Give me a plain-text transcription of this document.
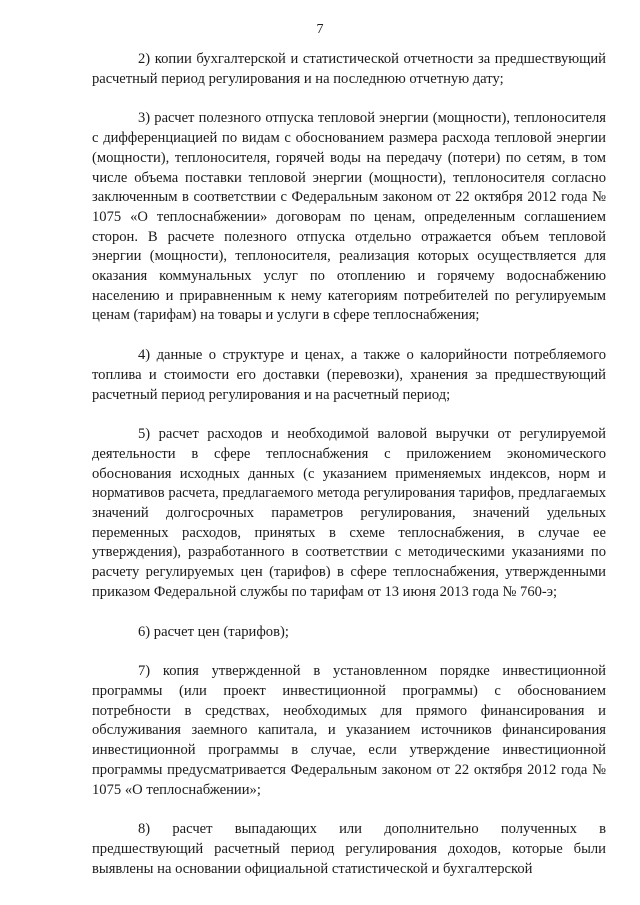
7

2) копии бухгалтерской и статистической отчетности за предшествующий расчетный период регулирования и на последнюю отчетную дату;

3) расчет полезного отпуска тепловой энергии (мощности), теплоносителя с дифференциацией по видам с обоснованием размера расхода тепловой энергии (мощности), теплоносителя, горячей воды на передачу (потери) по сетям, в том числе объема поставки тепловой энергии (мощности), теплоносителя согласно заключенным в соответствии с Федеральным законом от 22 октября 2012 года № 1075 «О теплоснабжении» договорам по ценам, определенным соглашением сторон. В расчете полезного отпуска отдельно отражается объем тепловой энергии (мощности), теплоносителя, реализация которых осуществляется для оказания коммунальных услуг по отоплению и горячему водоснабжению населению и приравненным к нему категориям потребителей по регулируемым ценам (тарифам) на товары и услуги в сфере теплоснабжения;

4) данные о структуре и ценах, а также о калорийности потребляемого топлива и стоимости его доставки (перевозки), хранения за предшествующий расчетный период регулирования и на расчетный период;

5) расчет расходов и необходимой валовой выручки от регулируемой деятельности в сфере теплоснабжения с приложением экономического обоснования исходных данных (с указанием применяемых индексов, норм и нормативов расчета, предлагаемого метода регулирования тарифов, предлагаемых значений долгосрочных параметров регулирования, значений удельных переменных расходов, принятых в схеме теплоснабжения, в случае ее утверждения), разработанного в соответствии с методическими указаниями по расчету регулируемых цен (тарифов) в сфере теплоснабжения, утвержденными приказом Федеральной службы по тарифам от 13 июня 2013 года № 760-э;

6) расчет цен (тарифов);

7) копия утвержденной в установленном порядке инвестиционной программы (или проект инвестиционной программы) с обоснованием потребности в средствах, необходимых для прямого финансирования и обслуживания заемного капитала, и указанием источников финансирования инвестиционной программы в случае, если утверждение инвестиционной программы предусматривается Федеральным законом от 22 октября 2012 года № 1075 «О теплоснабжении»;

8) расчет выпадающих или дополнительно полученных в предшествующий расчетный период регулирования доходов, которые были выявлены на основании официальной статистической и бухгалтерской
